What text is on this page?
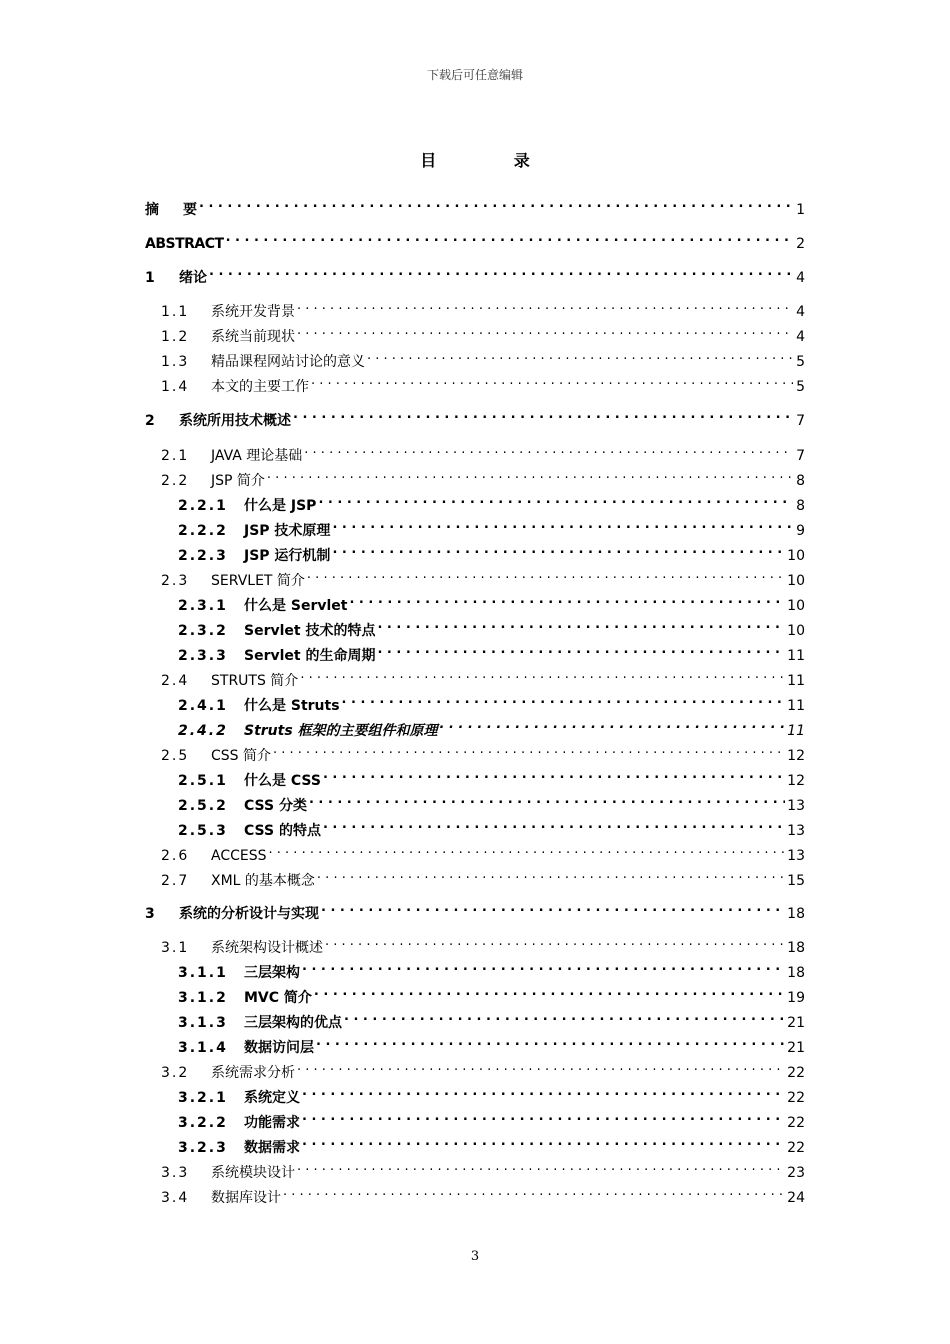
下载后可任意编辑
目 录
摘	要 . . .	1
ABSTRACT . . .	2
1	绪论 . . .	4
1.1	系统开发背景 . . .	4
1.2	系统当前现状 . . .	4
1.3	精品课程网站讨论的意义 . . .	5
1.4	本文的主要工作 . . .	5
2	系统所用技术概述 . . .	7
2.1	JAVA 理论基础 . . .	7
2.2	JSP 简介 . . .	8
2.2.1	什么是 JSP . . .	8
2.2.2	JSP 技术原理 . . .	9
2.2.3	JSP 运行机制 . . .	10
2.3	SERVLET 简介 . . .	10
2.3.1	什么是 Servlet . . .	10
2.3.2	Servlet 技术的特点 . . .	10
2.3.3	Servlet 的生命周期 . . .	11
2.4	STRUTS 简介 . . .	11
2.4.1	什么是 Struts . . .	11
2.4.2	Struts 框架的主要组件和原理 . . .	11
2.5	CSS 简介 . . .	12
2.5.1	什么是 CSS . . .	12
2.5.2	CSS 分类 . . .	13
2.5.3	CSS 的特点 . . .	13
2.6	ACCESS . . .	13
2.7	XML 的基本概念 . . .	15
3	系统的分析设计与实现 . . .	18
3.1	系统架构设计概述 . . .	18
3.1.1	三层架构 . . .	18
3.1.2	MVC 简介 . . .	19
3.1.3	三层架构的优点 . . .	21
3.1.4	数据访问层 . . .	21
3.2	系统需求分析 . . .	22
3.2.1	系统定义 . . .	22
3.2.2	功能需求 . . .	22
3.2.3	数据需求 . . .	22
3.3	系统模块设计 . . .	23
3.4	数据库设计 . . .	24
3
